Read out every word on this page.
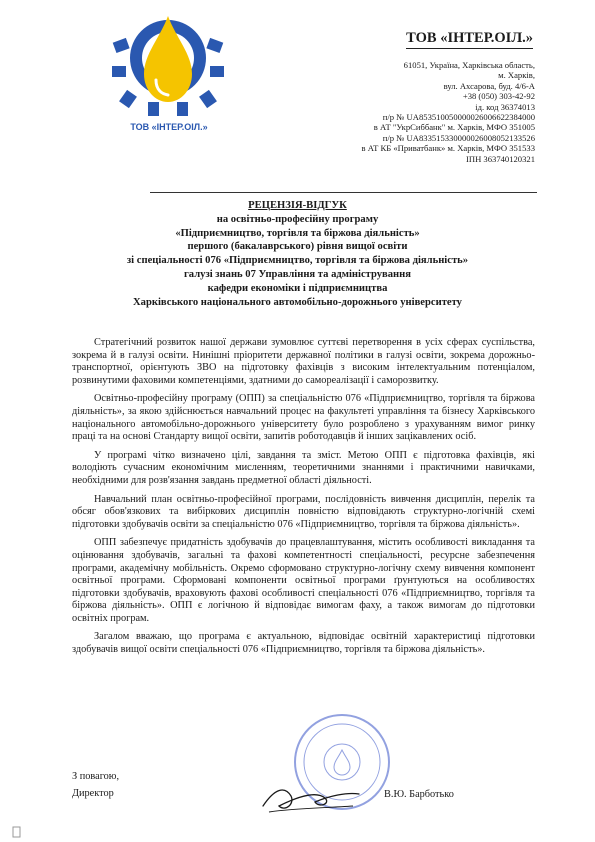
ТОВ «ІНТЕР.ОІЛ.»
ТОВ «ІНТЕР.ОІЛ.»
61051, Україна, Харківська область,
м. Харків,
вул. Ахсарова, буд. 4/6-А
+38 (050) 303-42-92
ід. код 36374013
п/р № UA853510050000026006622384000
в АТ "УкрСиббанк" м. Харків, МФО 351005
п/р № UA833515330000026008052133526
в АТ КБ «Приватбанк» м. Харків, МФО 351533
ІПН 363740120321
РЕЦЕНЗІЯ-ВІДГУК
на освітньо-професійну програму
«Підприємництво, торгівля та біржова діяльність»
першого (бакалаврського) рівня вищої освіти
зі спеціальності 076 «Підприємництво, торгівля та біржова діяльність»
галузі знань 07 Управління та адміністрування
кафедри економіки і підприємництва
Харківського національного автомобільно-дорожнього університету

Стратегічний розвиток нашої держави зумовлює суттєві перетворення в усіх сферах суспільства, зокрема й в галузі освіти. Нинішні пріоритети державної політики в галузі освіти, зокрема дорожньо-транспортної, орієнтують ЗВО на підготовку фахівців з високим інтелектуальним потенціалом, розвинутими фаховими компетенціями, здатними до самореалізації і саморозвитку.

Освітньо-професійну програму (ОПП) за спеціальністю 076 «Підприємництво, торгівля та біржова діяльність», за якою здійснюється навчальний процес на факультеті управління та бізнесу Харківського національного автомобільно-дорожнього університету було розроблено з урахуванням вимог ринку праці та на основі Стандарту вищої освіти, запитів роботодавців й інших зацікавлених осіб.

У програмі чітко визначено цілі, завдання та зміст. Метою ОПП є підготовка фахівців, які володіють сучасним економічним мисленням, теоретичними знаннями і практичними навичками, необхідними для розв'язання завдань предметної області діяльності.

Навчальний план освітньо-професійної програми, послідовність вивчення дисциплін, перелік та обсяг обов'язкових та вибіркових дисциплін повністю відповідають структурно-логічній схемі підготовки здобувачів освіти за спеціальністю 076 «Підприємництво, торгівля та біржова діяльність».

ОПП забезпечує придатність здобувачів до працевлаштування, містить особливості викладання та оцінювання здобувачів, загальні та фахові компетентності спеціальності, ресурсне забезпечення програми, академічну мобільність. Окремо сформовано структурно-логічну схему вивчення компонент освітньої програми. Сформовані компоненти освітньої програми ґрунтуються на особливостях підготовки здобувачів, враховують фахові особливості спеціальності 076 «Підприємництво, торгівля та біржова діяльність». ОПП є логічною й відповідає вимогам фаху, а також вимогам до підготовки освітніх програм.

Загалом вважаю, що програма є актуальною, відповідає освітній характеристиці підготовки здобувачів вищої освіти спеціальності 076 «Підприємництво, торгівля та біржова діяльність».

З повагою,
Директор	В.Ю. Барботько
